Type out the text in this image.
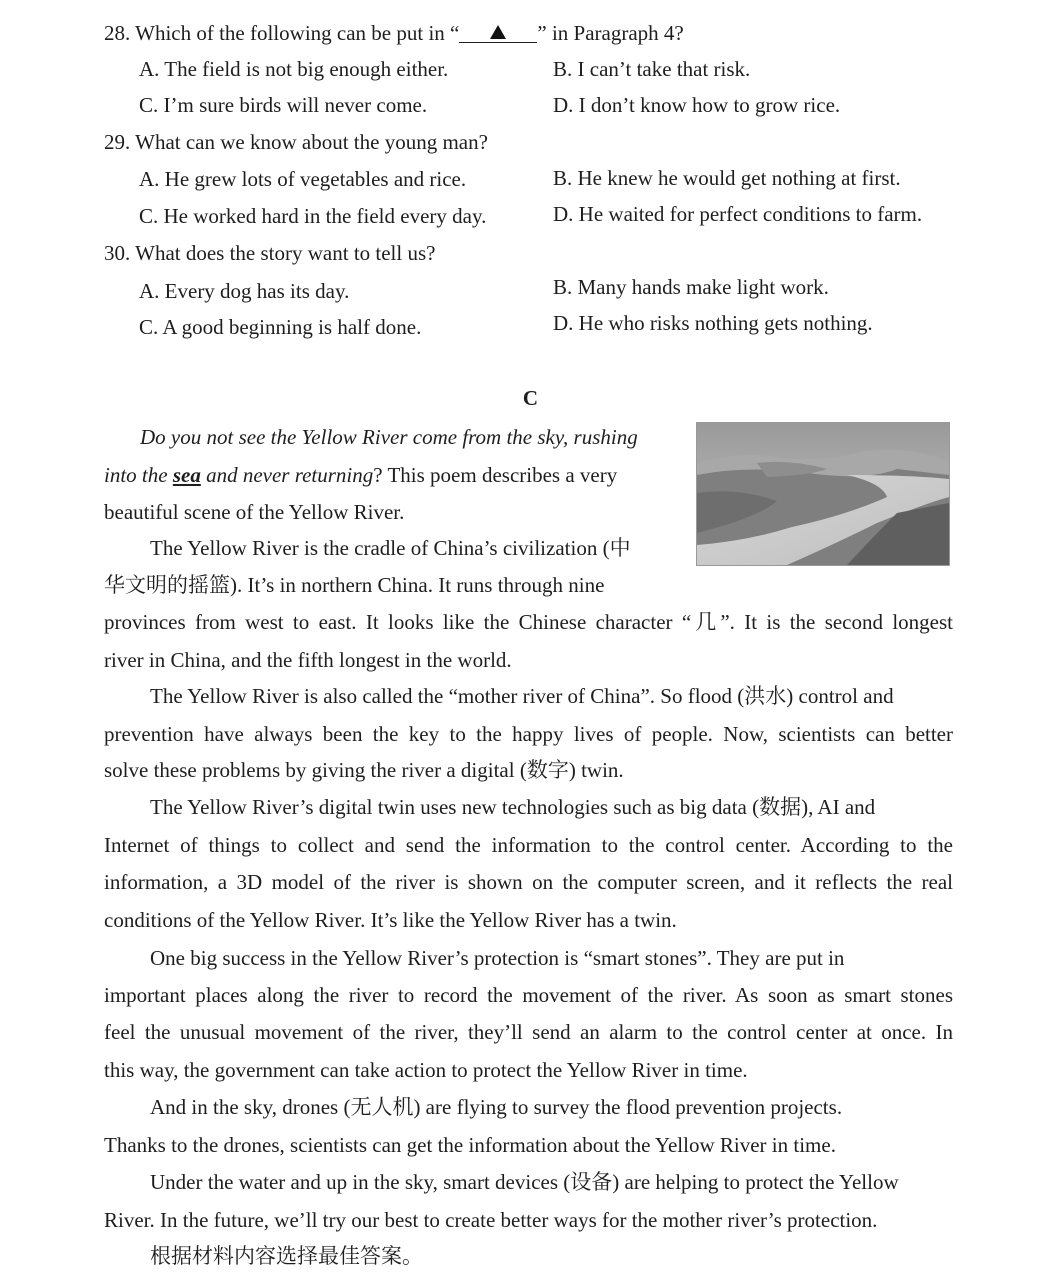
28. Which of the following can be put in “	” in Paragraph 4?
A. The field is not big enough either.	B. I can’t take that risk.
C. I’m sure birds will never come.	D. I don’t know how to grow rice.
29. What can we know about the young man?
A. He grew lots of vegetables and rice.	B. He knew he would get nothing at first.
C. He worked hard in the field every day.	D. He waited for perfect conditions to farm.
30. What does the story want to tell us?
A. Every dog has its day.	B. Many hands make light work.
C. A good beginning is half done.	D. He who risks nothing gets nothing.
C
Do you not see the Yellow River come from the sky, rushing
into the sea and never returning? This poem describes a very
beautiful scene of the Yellow River.
The Yellow River is the cradle of China’s civilization (中
华文明的摇篮). It’s in northern China. It runs through nine
provinces from west to east. It looks like the Chinese character “几”. It is the second longest
river in China, and the fifth longest in the world.
The Yellow River is also called the “mother river of China”. So flood (洪水) control and
prevention have always been the key to the happy lives of people. Now, scientists can better
solve these problems by giving the river a digital (数字) twin.
The Yellow River’s digital twin uses new technologies such as big data (数据), AI and
Internet of things to collect and send the information to the control center. According to the
information, a 3D model of the river is shown on the computer screen, and it reflects the real
conditions of the Yellow River. It’s like the Yellow River has a twin.
One big success in the Yellow River’s protection is “smart stones”. They are put in
important places along the river to record the movement of the river. As soon as smart stones
feel the unusual movement of the river, they’ll send an alarm to the control center at once. In
this way, the government can take action to protect the Yellow River in time.
And in the sky, drones (无人机) are flying to survey the flood prevention projects.
Thanks to the drones, scientists can get the information about the Yellow River in time.
Under the water and up in the sky, smart devices (设备) are helping to protect the Yellow
River. In the future, we’ll try our best to create better ways for the mother river’s protection.
根据材料内容选择最佳答案。
